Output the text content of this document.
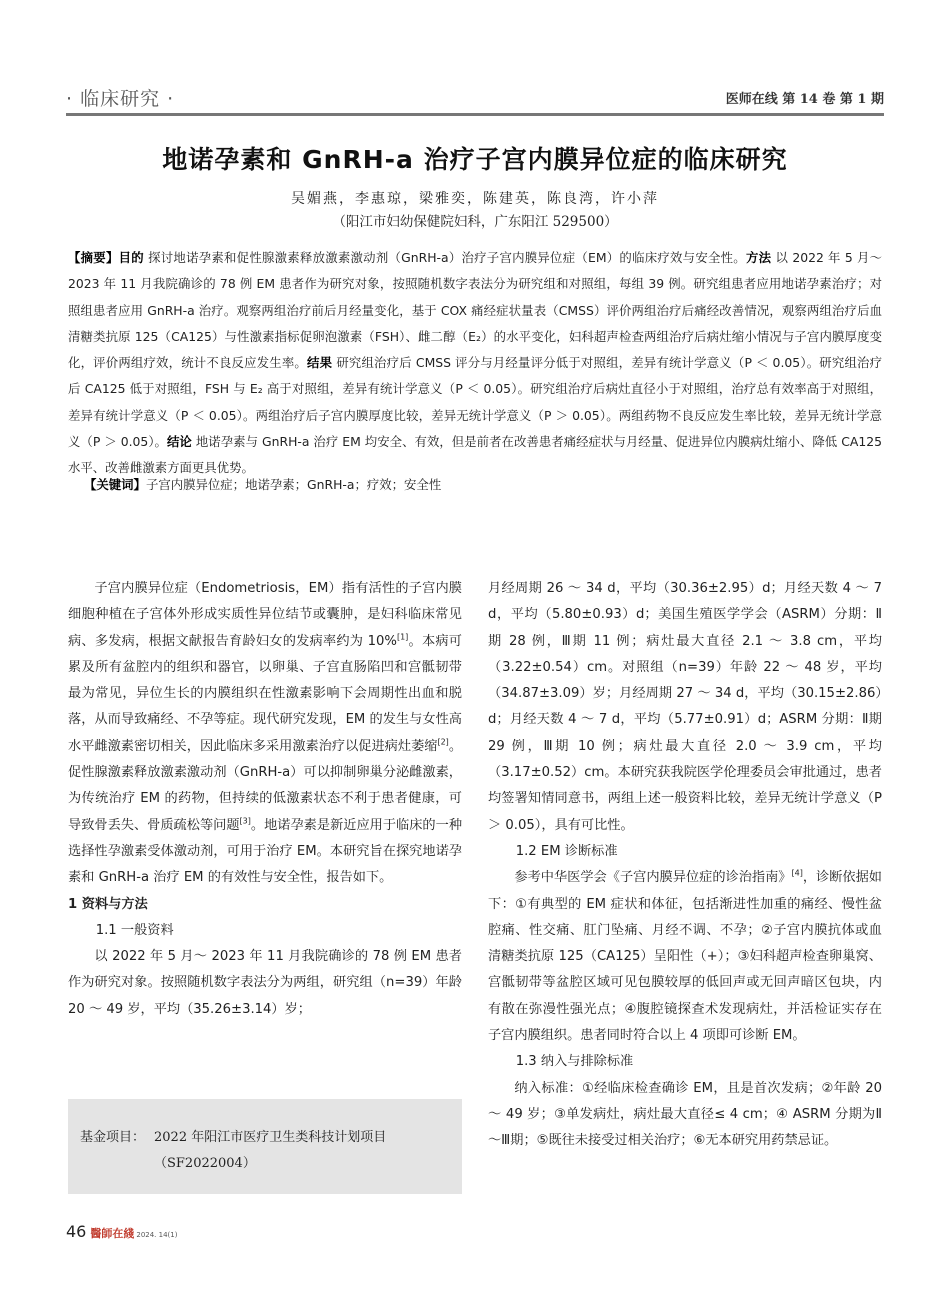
· 临床研究 ·	医师在线 第 14 卷 第 1 期
地诺孕素和 GnRH-a 治疗子宫内膜异位症的临床研究
吴媚燕，李惠琼，梁雅奕，陈建英，陈良湾，许小萍
（阳江市妇幼保健院妇科，广东阳江 529500）

【摘要】目的 探讨地诺孕素和促性腺激素释放激素激动剂（GnRH-a）治疗子宫内膜异位症（EM）的临床疗效与安全性。方法 以 2022 年 5 月～ 2023 年 11 月我院确诊的 78 例 EM 患者作为研究对象，按照随机数字表法分为研究组和对照组，每组 39 例。研究组患者应用地诺孕素治疗；对照组患者应用 GnRH-a 治疗。观察两组治疗前后月经量变化，基于 COX 痛经症状量表（CMSS）评价两组治疗后痛经改善情况，观察两组治疗后血清糖类抗原 125（CA125）与性激素指标促卵泡激素（FSH）、雌二醇（E₂）的水平变化，妇科超声检查两组治疗后病灶缩小情况与子宫内膜厚度变化，评价两组疗效，统计不良反应发生率。结果 研究组治疗后 CMSS 评分与月经量评分低于对照组，差异有统计学意义（P ＜ 0.05）。研究组治疗后 CA125 低于对照组，FSH 与 E₂ 高于对照组，差异有统计学意义（P ＜ 0.05）。研究组治疗后病灶直径小于对照组，治疗总有效率高于对照组，差异有统计学意义（P ＜ 0.05）。两组治疗后子宫内膜厚度比较，差异无统计学意义（P ＞ 0.05）。两组药物不良反应发生率比较，差异无统计学意义（P ＞ 0.05）。结论 地诺孕素与 GnRH-a 治疗 EM 均安全、有效，但是前者在改善患者痛经症状与月经量、促进异位内膜病灶缩小、降低 CA125 水平、改善雌激素方面更具优势。

【关键词】子宫内膜异位症；地诺孕素；GnRH-a；疗效；安全性

子宫内膜异位症（Endometriosis，EM）指有活性的子宫内膜细胞种植在子宫体外形成实质性异位结节或囊肿，是妇科临床常见病、多发病，根据文献报告育龄妇女的发病率约为 10%[1]。本病可累及所有盆腔内的组织和器官，以卵巢、子宫直肠陷凹和宫骶韧带最为常见，异位生长的内膜组织在性激素影响下会周期性出血和脱落，从而导致痛经、不孕等症。现代研究发现，EM 的发生与女性高水平雌激素密切相关，因此临床多采用激素治疗以促进病灶萎缩[2]。促性腺激素释放激素激动剂（GnRH-a）可以抑制卵巢分泌雌激素，为传统治疗 EM 的药物，但持续的低激素状态不利于患者健康，可导致骨丢失、骨质疏松等问题[3]。地诺孕素是新近应用于临床的一种选择性孕激素受体激动剂，可用于治疗 EM。本研究旨在探究地诺孕素和 GnRH-a 治疗 EM 的有效性与安全性，报告如下。

1 资料与方法

1.1 一般资料

以 2022 年 5 月～ 2023 年 11 月我院确诊的 78 例 EM 患者作为研究对象。按照随机数字表法分为两组，研究组（n=39）年龄 20 ～ 49 岁，平均（35.26±3.14）岁；

基金项目： 2022 年阳江市医疗卫生类科技计划项目（SF2022004）

月经周期 26 ～ 34 d，平均（30.36±2.95）d；月经天数 4 ～ 7 d，平均（5.80±0.93）d；美国生殖医学学会（ASRM）分期：Ⅱ期 28 例，Ⅲ期 11 例；病灶最大直径 2.1 ～ 3.8 cm，平均（3.22±0.54）cm。对照组（n=39）年龄 22 ～ 48 岁，平均（34.87±3.09）岁；月经周期 27 ～ 34 d，平均（30.15±2.86）d；月经天数 4 ～ 7 d，平均（5.77±0.91）d；ASRM 分期：Ⅱ期 29 例，Ⅲ期 10 例；病灶最大直径 2.0 ～ 3.9 cm，平均（3.17±0.52）cm。本研究获我院医学伦理委员会审批通过，患者均签署知情同意书，两组上述一般资料比较，差异无统计学意义（P ＞ 0.05），具有可比性。

1.2 EM 诊断标准

参考中华医学会《子宫内膜异位症的诊治指南》[4]，诊断依据如下：①有典型的 EM 症状和体征，包括渐进性加重的痛经、慢性盆腔痛、性交痛、肛门坠痛、月经不调、不孕；②子宫内膜抗体或血清糖类抗原 125（CA125）呈阳性（+）；③妇科超声检查卵巢窝、宫骶韧带等盆腔区域可见包膜较厚的低回声或无回声暗区包块，内有散在弥漫性强光点；④腹腔镜探查术发现病灶，并活检证实存在子宫内膜组织。患者同时符合以上 4 项即可诊断 EM。

1.3 纳入与排除标准

纳入标准：①经临床检查确诊 EM，且是首次发病；②年龄 20 ～ 49 岁；③单发病灶，病灶最大直径≤ 4 cm；④ ASRM 分期为Ⅱ～Ⅲ期；⑤既往未接受过相关治疗；⑥无本研究用药禁忌证。

46 醫師在綫 2024. 14(1)
